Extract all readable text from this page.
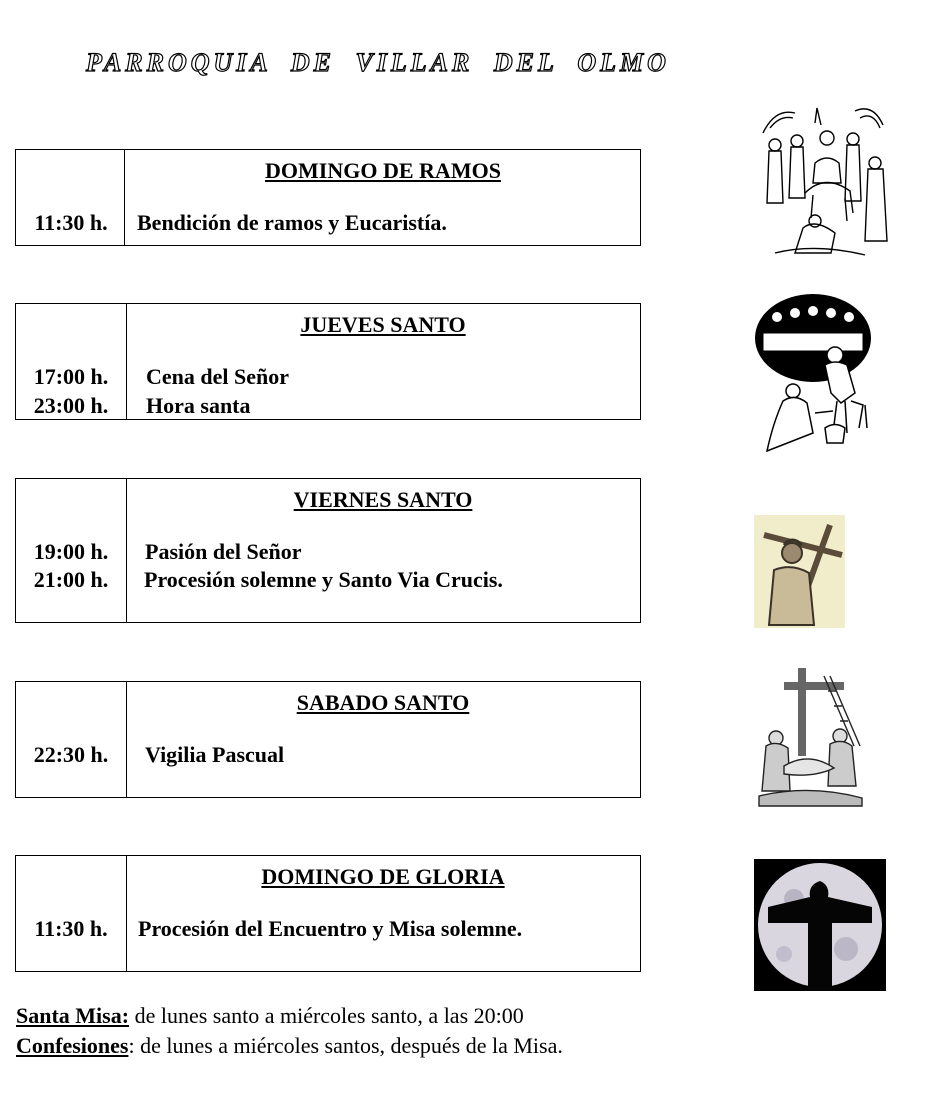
PARROQUIA DE VILLAR DEL OLMO
DOMINGO DE RAMOS
11:30 h.	Bendición de ramos y Eucaristía.
JUEVES SANTO
17:00 h.	Cena del Señor
23:00 h.	Hora santa
VIERNES SANTO
19:00 h.	Pasión del Señor
21:00 h.	Procesión solemne y Santo Via Crucis.
SABADO SANTO
22:30 h.	Vigilia Pascual
DOMINGO DE GLORIA
11:30 h.	Procesión del Encuentro y Misa solemne.
Santa Misa: de lunes santo a miércoles santo, a las 20:00
Confesiones: de lunes a miércoles santos, después de la Misa.
